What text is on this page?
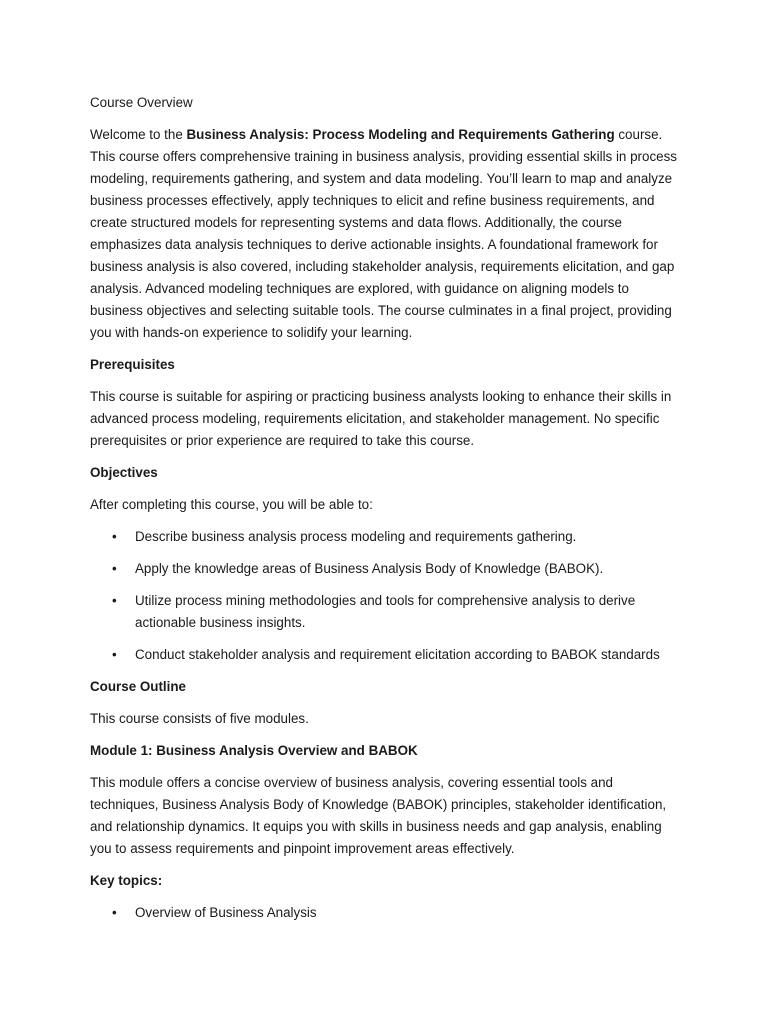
Course Overview

Welcome to the Business Analysis: Process Modeling and Requirements Gathering course. This course offers comprehensive training in business analysis, providing essential skills in process modeling, requirements gathering, and system and data modeling. You’ll learn to map and analyze business processes effectively, apply techniques to elicit and refine business requirements, and create structured models for representing systems and data flows. Additionally, the course emphasizes data analysis techniques to derive actionable insights. A foundational framework for business analysis is also covered, including stakeholder analysis, requirements elicitation, and gap analysis. Advanced modeling techniques are explored, with guidance on aligning models to business objectives and selecting suitable tools. The course culminates in a final project, providing you with hands-on experience to solidify your learning.

Prerequisites

This course is suitable for aspiring or practicing business analysts looking to enhance their skills in advanced process modeling, requirements elicitation, and stakeholder management. No specific prerequisites or prior experience are required to take this course.

Objectives

After completing this course, you will be able to:

• Describe business analysis process modeling and requirements gathering.
• Apply the knowledge areas of Business Analysis Body of Knowledge (BABOK).
• Utilize process mining methodologies and tools for comprehensive analysis to derive actionable business insights.
• Conduct stakeholder analysis and requirement elicitation according to BABOK standards
Course Outline

This course consists of five modules.

Module 1: Business Analysis Overview and BABOK

This module offers a concise overview of business analysis, covering essential tools and techniques, Business Analysis Body of Knowledge (BABOK) principles, stakeholder identification, and relationship dynamics. It equips you with skills in business needs and gap analysis, enabling you to assess requirements and pinpoint improvement areas effectively.

Key topics:
• Overview of Business Analysis
